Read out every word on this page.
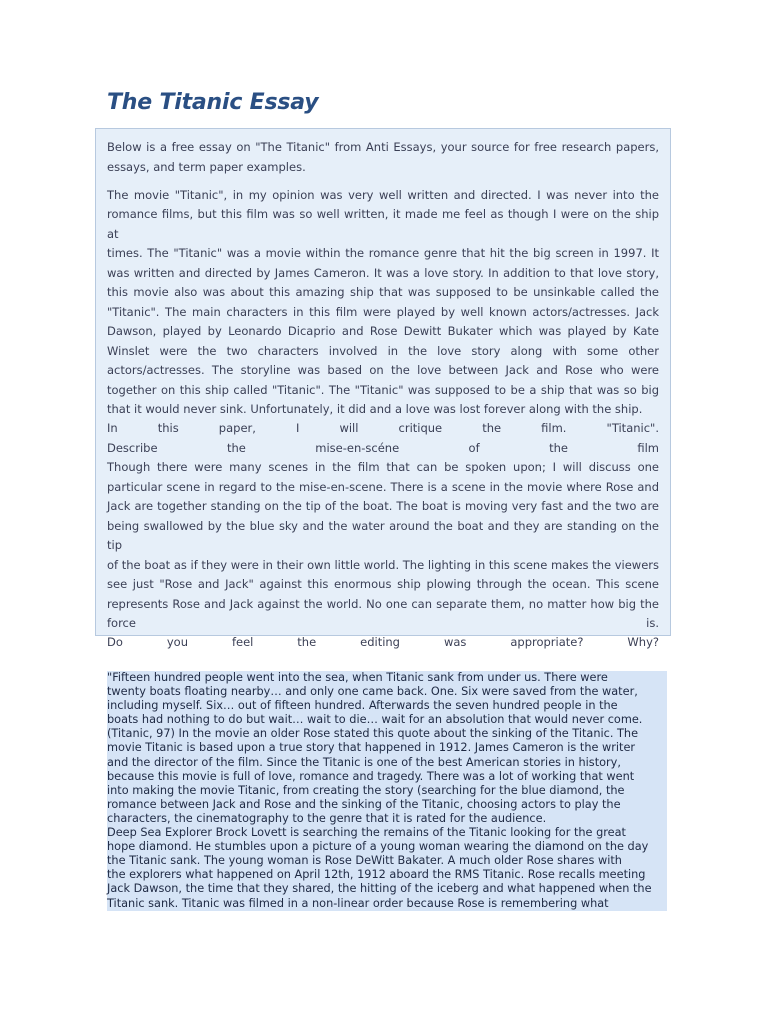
The Titanic Essay

Below is a free essay on "The Titanic" from Anti Essays, your source for free research papers, essays, and term paper examples.

The movie "Titanic", in my opinion was very well written and directed. I was never into the
romance films, but this film was so well written, it made me feel as though I were on the ship at
times. The "Titanic" was a movie within the romance genre that hit the big screen in 1997. It
was written and directed by James Cameron. It was a love story. In addition to that love story,
this movie also was about this amazing ship that was supposed to be unsinkable called the
"Titanic". The main characters in this film were played by well known actors/actresses. Jack
Dawson, played by Leonardo Dicaprio and Rose Dewitt Bukater which was played by Kate
Winslet were the two characters involved in the love story along with some other
actors/actresses. The storyline was based on the love between Jack and Rose who were
together on this ship called "Titanic". The "Titanic" was supposed to be a ship that was so big
that it would never sink. Unfortunately, it did and a love was lost forever along with the ship.
In this paper, I will critique the film. "Titanic".
Describe the mise-en-scéne of the film
Though there were many scenes in the film that can be spoken upon; I will discuss one
particular scene in regard to the mise-en-scene. There is a scene in the movie where Rose and
Jack are together standing on the tip of the boat. The boat is moving very fast and the two are
being swallowed by the blue sky and the water around the boat and they are standing on the tip
of the boat as if they were in their own little world. The lighting in this scene makes the viewers
see just "Rose and Jack" against this enormous ship plowing through the ocean. This scene
represents Rose and Jack against the world. No one can separate them, no matter how big the
force is.
Do you feel the editing was appropriate? Why?
"Fifteen hundred people went into the sea, when Titanic sank from under us. There were
twenty boats floating nearby… and only one came back. One. Six were saved from the water,
including myself. Six… out of fifteen hundred. Afterwards the seven hundred people in the
boats had nothing to do but wait… wait to die… wait for an absolution that would never come.
(Titanic, 97) In the movie an older Rose stated this quote about the sinking of the Titanic. The
movie Titanic is based upon a true story that happened in 1912. James Cameron is the writer
and the director of the film. Since the Titanic is one of the best American stories in history,
because this movie is full of love, romance and tragedy. There was a lot of working that went
into making the movie Titanic, from creating the story (searching for the blue diamond, the
romance between Jack and Rose and the sinking of the Titanic, choosing actors to play the
characters, the cinematography to the genre that it is rated for the audience.
Deep Sea Explorer Brock Lovett is searching the remains of the Titanic looking for the great
hope diamond. He stumbles upon a picture of a young woman wearing the diamond on the day
the Titanic sank. The young woman is Rose DeWitt Bakater. A much older Rose shares with
the explorers what happened on April 12th, 1912 aboard the RMS Titanic. Rose recalls meeting
Jack Dawson, the time that they shared, the hitting of the iceberg and what happened when the
Titanic sank. Titanic was filmed in a non-linear order because Rose is remembering what
